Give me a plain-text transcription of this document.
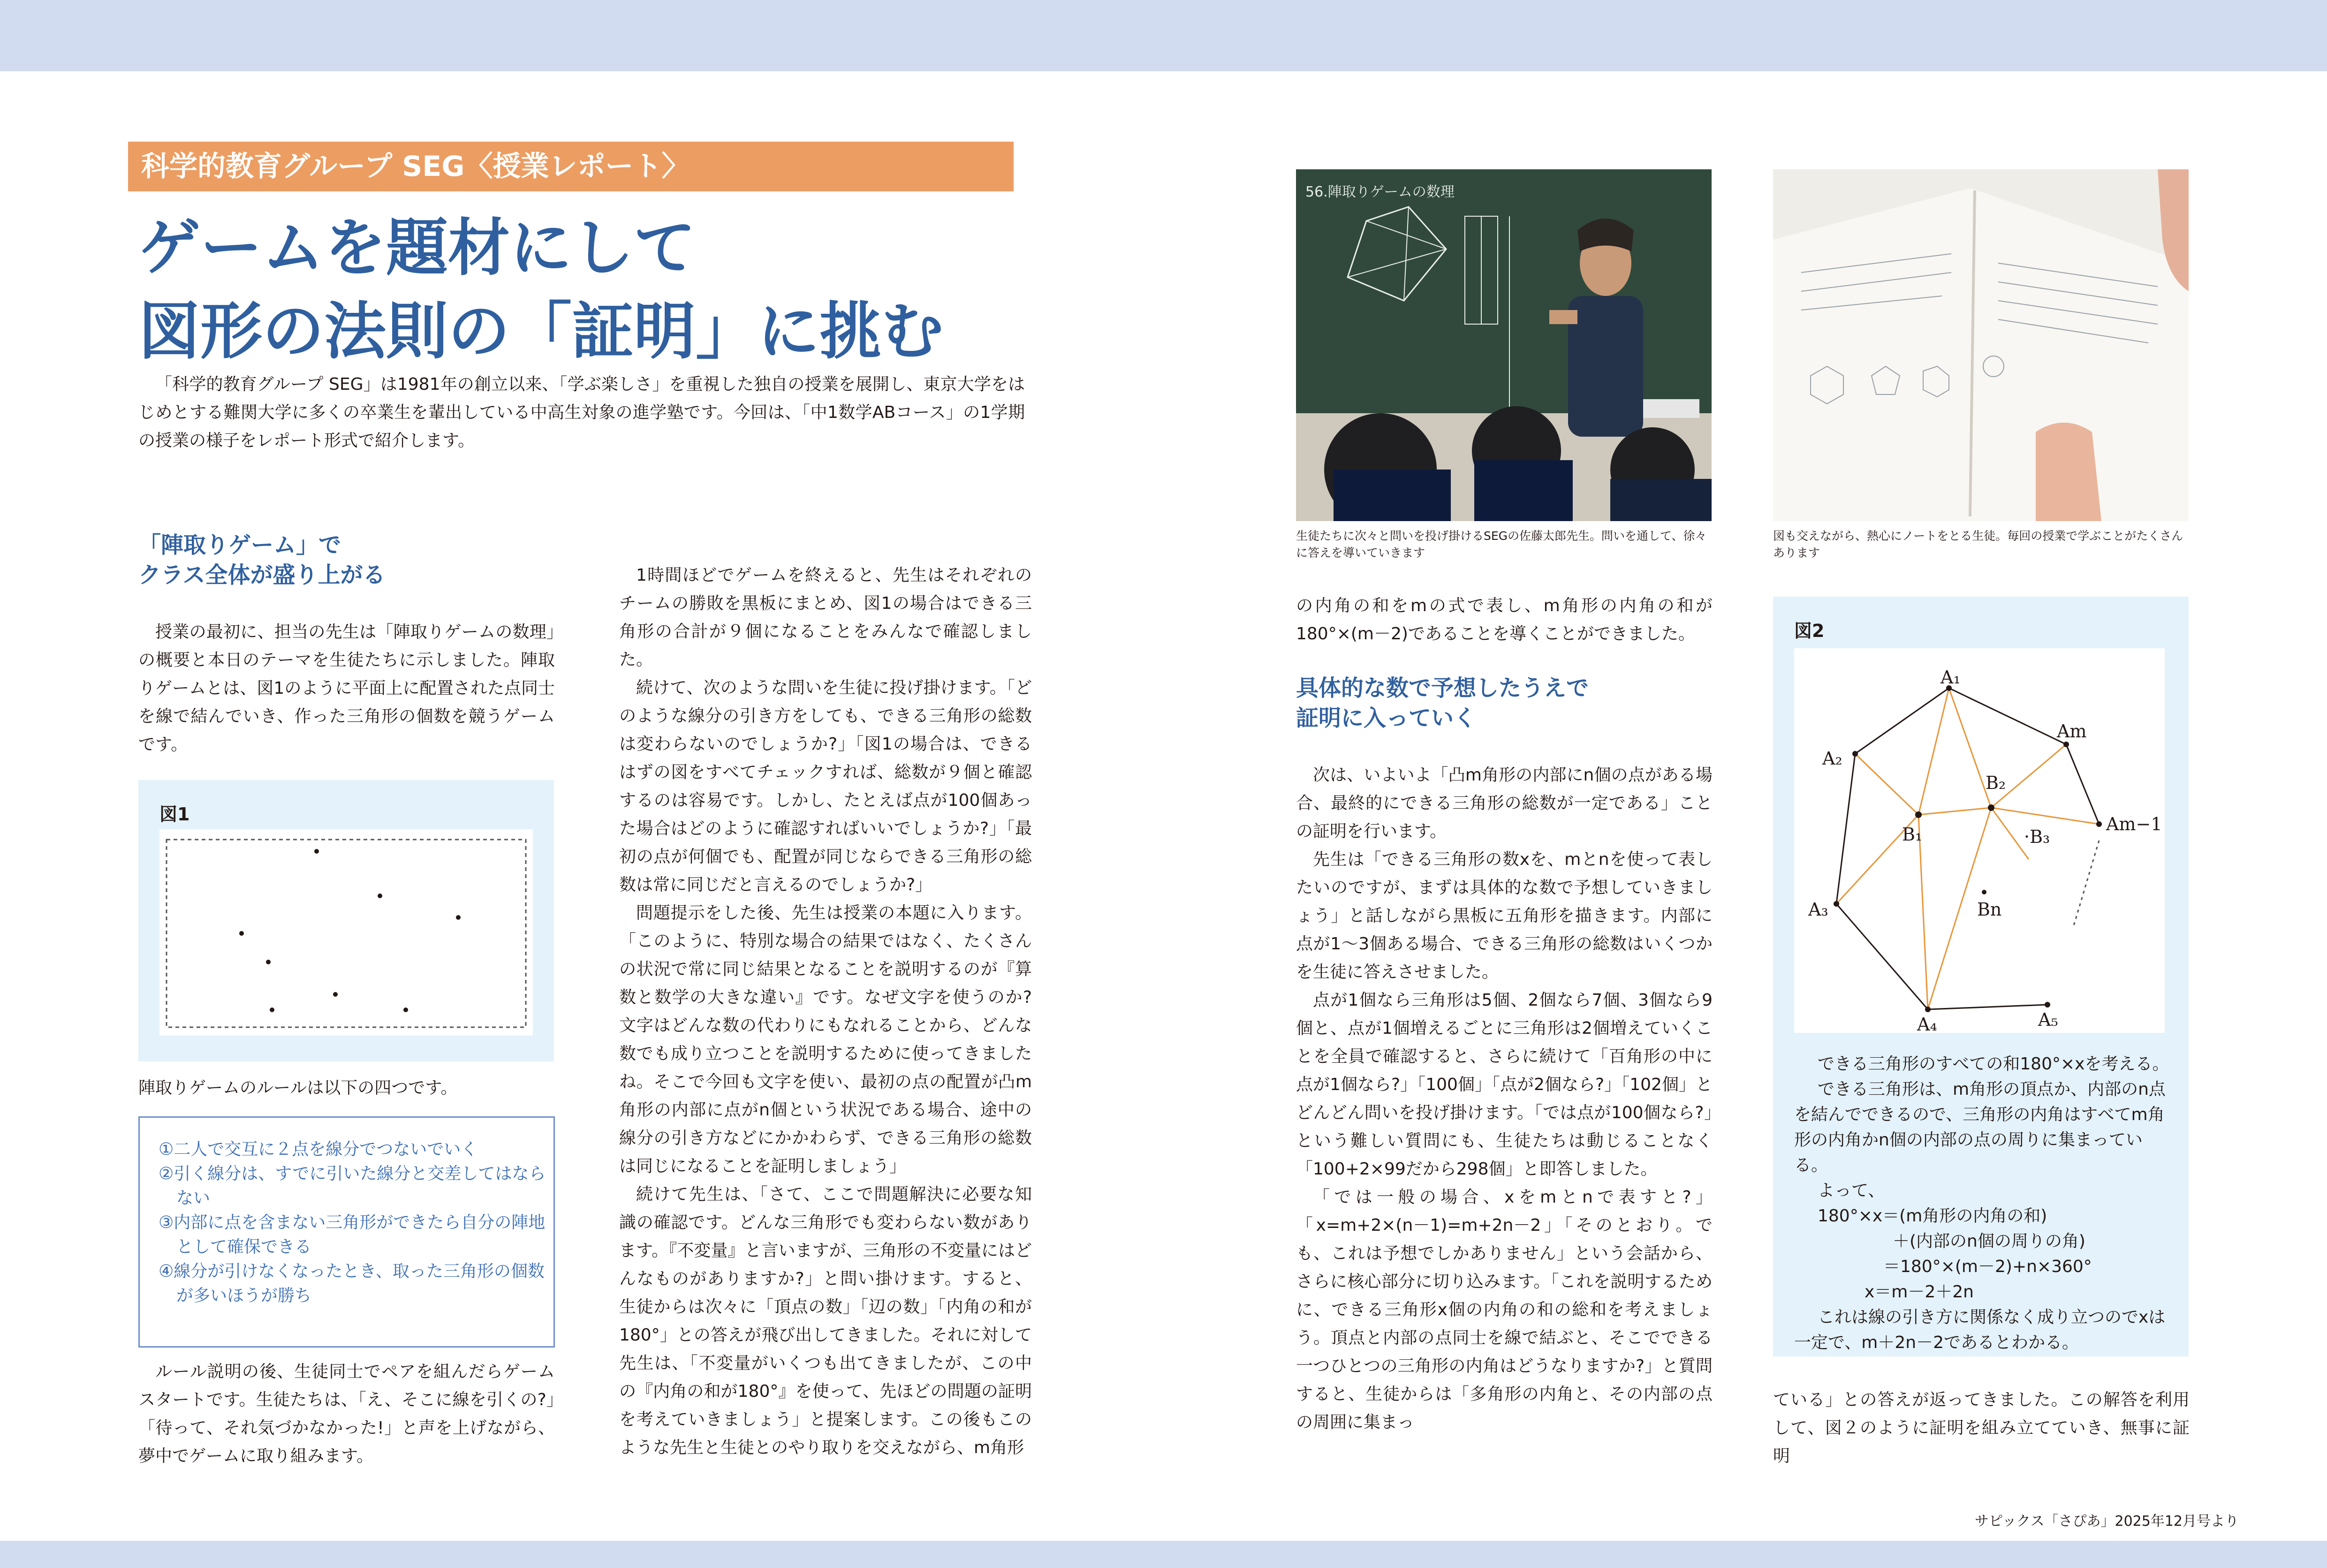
科学的教育グループ SEG〈授業レポート〉
ゲームを題材にして
図形の法則の「証明」に挑む
「科学的教育グループ SEG」は1981年の創立以来、「学ぶ楽しさ」を重視した独自の授業を展開し、東京大学をはじめとする難関大学に多くの卒業生を輩出している中高生対象の進学塾です。今回は、「中1数学ABコース」の1学期の授業の様子をレポート形式で紹介します。
「陣取りゲーム」で
クラス全体が盛り上がる
授業の最初に、担当の先生は「陣取りゲームの数理」の概要と本日のテーマを生徒たちに示しました。陣取りゲームとは、図1のように平面上に配置された点同士を線で結んでいき、作った三角形の個数を競うゲームです。
図1
陣取りゲームのルールは以下の四つです。
①二人で交互に２点を線分でつないでいく
②引く線分は、すでに引いた線分と交差してはならない
③内部に点を含まない三角形ができたら自分の陣地として確保できる
④線分が引けなくなったとき、取った三角形の個数が多いほうが勝ち
ルール説明の後、生徒同士でペアを組んだらゲームスタートです。生徒たちは、「え、そこに線を引くの?」「待って、それ気づかなかった!」と声を上げながら、夢中でゲームに取り組みます。
1時間ほどでゲームを終えると、先生はそれぞれのチームの勝敗を黒板にまとめ、図1の場合はできる三角形の合計が９個になることをみんなで確認しました。
続けて、次のような問いを生徒に投げ掛けます。「どのような線分の引き方をしても、できる三角形の総数は変わらないのでしょうか?」「図1の場合は、できるはずの図をすべてチェックすれば、総数が９個と確認するのは容易です。しかし、たとえば点が100個あった場合はどのように確認すればいいでしょうか?」「最初の点が何個でも、配置が同じならできる三角形の総数は常に同じだと言えるのでしょうか?」
問題提示をした後、先生は授業の本題に入ります。「このように、特別な場合の結果ではなく、たくさんの状況で常に同じ結果となることを説明するのが『算数と数学の大きな違い』です。なぜ文字を使うのか?文字はどんな数の代わりにもなれることから、どんな数でも成り立つことを説明するために使ってきましたね。そこで今回も文字を使い、最初の点の配置が凸m角形の内部に点がn個という状況である場合、途中の線分の引き方などにかかわらず、できる三角形の総数は同じになることを証明しましょう」
続けて先生は、「さて、ここで問題解決に必要な知識の確認です。どんな三角形でも変わらない数があります。『不変量』と言いますが、三角形の不変量にはどんなものがありますか?」と問い掛けます。すると、生徒からは次々に「頂点の数」「辺の数」「内角の和が180°」との答えが飛び出してきました。それに対して先生は、「不変量がいくつも出てきましたが、この中の『内角の和が180°』を使って、先ほどの問題の証明を考えていきましょう」と提案します。この後もこのような先生と生徒とのやり取りを交えながら、m角形
56.陣取りゲームの数理
生徒たちに次々と問いを投げ掛けるSEGの佐藤太郎先生。問いを通して、徐々に答えを導いていきます
図も交えながら、熱心にノートをとる生徒。毎回の授業で学ぶことがたくさんあります
の内角の和をmの式で表し、m角形の内角の和が180°×(m－2)であることを導くことができました。
具体的な数で予想したうえで
証明に入っていく
次は、いよいよ「凸m角形の内部にn個の点がある場合、最終的にできる三角形の総数が一定である」ことの証明を行います。
先生は「できる三角形の数xを、mとnを使って表したいのですが、まずは具体的な数で予想していきましょう」と話しながら黒板に五角形を描きます。内部に点が1～3個ある場合、できる三角形の総数はいくつかを生徒に答えさせました。
点が1個なら三角形は5個、2個なら7個、3個なら9個と、点が1個増えるごとに三角形は2個増えていくことを全員で確認すると、さらに続けて「百角形の中に点が1個なら?」「100個」「点が2個なら?」「102個」とどんどん問いを投げ掛けます。「では点が100個なら?」という難しい質問にも、生徒たちは動じることなく「100+2×99だから298個」と即答しました。
「では一般の場合、xをmとnで表すと?」「x=m+2×(n－1)=m+2n－2」「そのとおり。でも、これは予想でしかありません」という会話から、さらに核心部分に切り込みます。「これを説明するために、できる三角形x個の内角の和の総和を考えましょう。頂点と内部の点同士を線で結ぶと、そこでできる一つひとつの三角形の内角はどうなりますか?」と質問すると、生徒からは「多角形の内角と、その内部の点の周囲に集まっ
図2
A₁
Am
A₂
B₂
B₁	·B₃
Am−1
Bn
A₃
A₄	A₅
できる三角形のすべての和180°×xを考える。
できる三角形は、m角形の頂点か、内部のn点を結んでできるので、三角形の内角はすべてm角形の内角かn個の内部の点の周りに集まっている。
よって、
180°×x＝(m角形の内角の和)
＋(内部のn個の周りの角)
＝180°×(m－2)+n×360°
x＝m－2＋2n
これは線の引き方に関係なく成り立つのでxは一定で、m＋2n－2であるとわかる。
ている」との答えが返ってきました。この解答を利用して、図２のように証明を組み立てていき、無事に証明
サピックス「さぴあ」2025年12月号より
